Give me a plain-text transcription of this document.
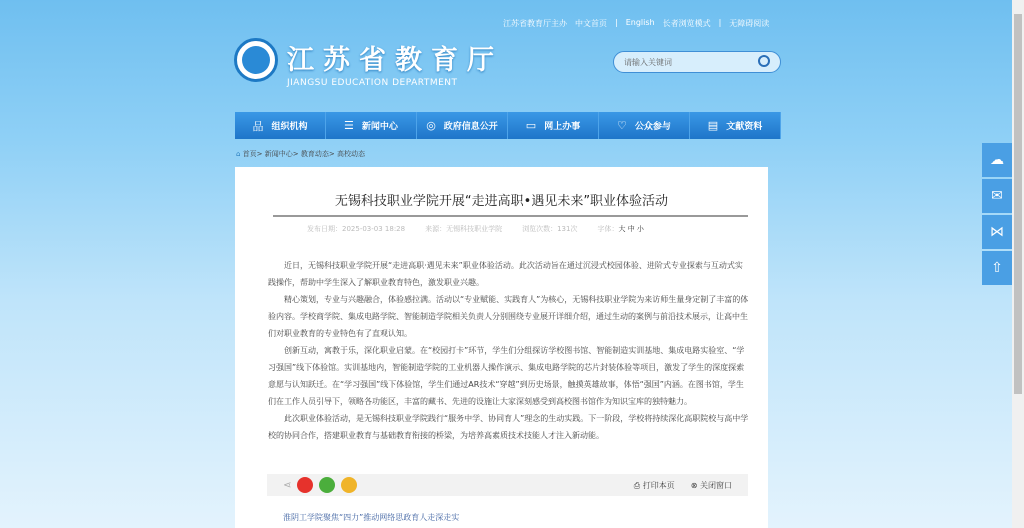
江苏省教育厅主办 中文首页 | English 长者浏览模式 | 无障碍阅读
江苏省教育厅
JIANGSU EDUCATION DEPARTMENT
请输入关键词
品 组织机构	☰ 新闻中心	◎ 政府信息公开	▭ 网上办事	♡ 公众参与	▤ 文献资料
⌂ 首页> 新闻中心> 教育动态> 高校动态
无锡科技职业学院开展“走进高职•遇见未来”职业体验活动
发布日期：2025-03-03 18:28	来源：无锡科技职业学院	浏览次数：131次	字体：大 中 小

近日，无锡科技职业学院开展“走进高职·遇见未来”职业体验活动。此次活动旨在通过沉浸式校园体验、进阶式专业探索与互动式实践操作，帮助中学生深入了解职业教育特色，激发职业兴趣。

精心策划，专业与兴趣融合，体验感拉满。活动以“专业赋能、实践育人”为核心，无锡科技职业学院为来访师生量身定制了丰富的体验内容。学校商学院、集成电路学院、智能制造学院相关负责人分别围绕专业展开详细介绍，通过生动的案例与前沿技术展示，让高中生们对职业教育的专业特色有了直观认知。

创新互动，寓教于乐，深化职业启蒙。在“校园打卡”环节，学生们分组探访学校图书馆、智能制造实训基地、集成电路实验室、“学习强国”线下体验馆。实训基地内，智能制造学院的工业机器人操作演示、集成电路学院的芯片封装体验等项目，激发了学生的深度探索意愿与认知跃迁。在“学习强国”线下体验馆，学生们通过AR技术“穿越”到历史场景，触摸英雄故事，体悟“强国”内涵。在图书馆，学生们在工作人员引导下，领略各功能区，丰富的藏书、先进的设施让大家深刻感受到高校图书馆作为知识宝库的独特魅力。

此次职业体验活动，是无锡科技职业学院践行“服务中学、协同育人”理念的生动实践。下一阶段，学校将持续深化高职院校与高中学校的协同合作，搭建职业教育与基础教育衔接的桥梁，为培养高素质技术技能人才注入新动能。

⋖	⎙ 打印本页 ⊗ 关闭窗口
淮阴工学院聚焦“四力”推动网络思政育人走深走实
☁
✉
⋈
⇧
